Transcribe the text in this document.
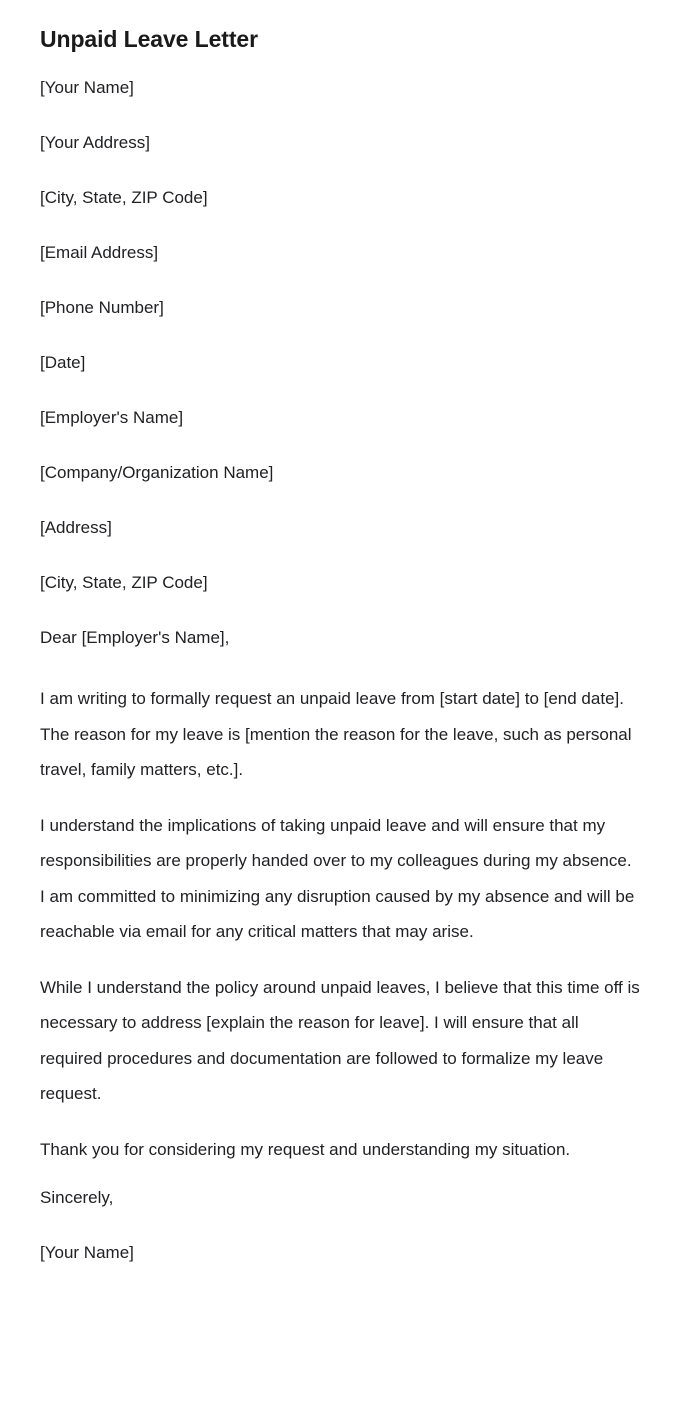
Unpaid Leave Letter

[Your Name]

[Your Address]

[City, State, ZIP Code]

[Email Address]

[Phone Number]

[Date]

[Employer's Name]

[Company/Organization Name]

[Address]

[City, State, ZIP Code]

Dear [Employer's Name],

I am writing to formally request an unpaid leave from [start date] to [end date]. The reason for my leave is [mention the reason for the leave, such as personal travel, family matters, etc.].

I understand the implications of taking unpaid leave and will ensure that my responsibilities are properly handed over to my colleagues during my absence. I am committed to minimizing any disruption caused by my absence and will be reachable via email for any critical matters that may arise.

While I understand the policy around unpaid leaves, I believe that this time off is necessary to address [explain the reason for leave]. I will ensure that all required procedures and documentation are followed to formalize my leave request.

Thank you for considering my request and understanding my situation.

Sincerely,

[Your Name]
